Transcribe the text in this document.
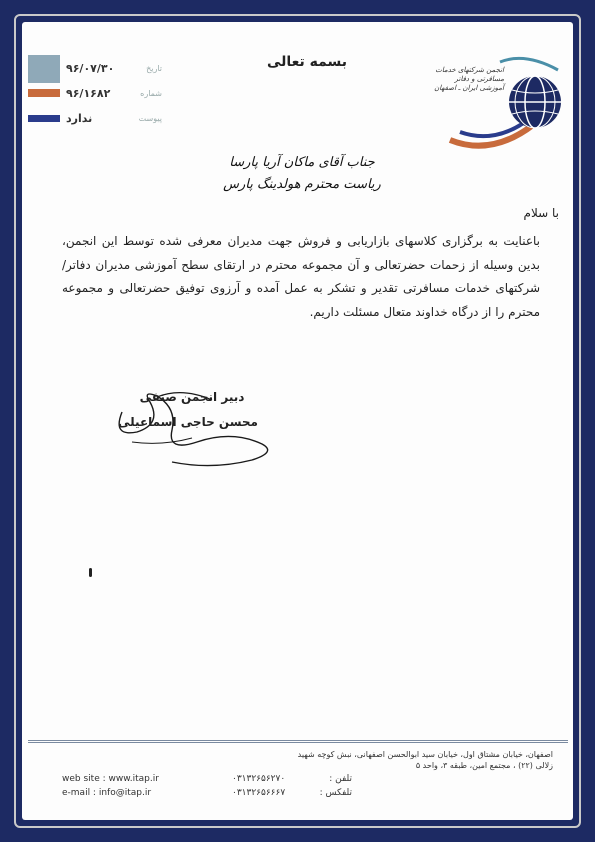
بسمه تعالی
۹۶/۰۷/۳۰	تاریخ
۹۶/۱۶۸۲	شماره
ندارد	پیوست
انجمن شرکتهای خدمات مسافرتی و دفاتر آموزشی ایران ـ اصفهان
جناب آقای ماکان آریا پارسا
ریاست محترم هولدینگ پارس
با سلام

باعنایت به برگزاری کلاسهای بازاریابی و فروش جهت مدیران معرفی شده توسط این انجمن، بدین وسیله از زحمات حضرتعالی و آن مجموعه محترم در ارتقای سطح آموزشی مدیران دفاتر/ شرکتهای خدمات مسافرتی تقدیر و تشکر به عمل آمده و آرزوی توفیق حضرتعالی و مجموعه محترم را از درگاه خداوند متعال مسئلت داریم.

دبیر انجمن صنفی
محسن حاجی اسماعیلی
اصفهان، خیابان مشتاق اول، خیابان سید ابوالحسن اصفهانی، نبش کوچه شهید
زلالی (۲۲) ، مجتمع امین، طبقه ۳، واحد ۵
تلفن :
۰۳۱۳۲۶۵۶۲۷۰
تلفکس :
۰۳۱۳۲۶۵۶۶۶۷
web site : www.itap.ir
e-mail : info@itap.ir
